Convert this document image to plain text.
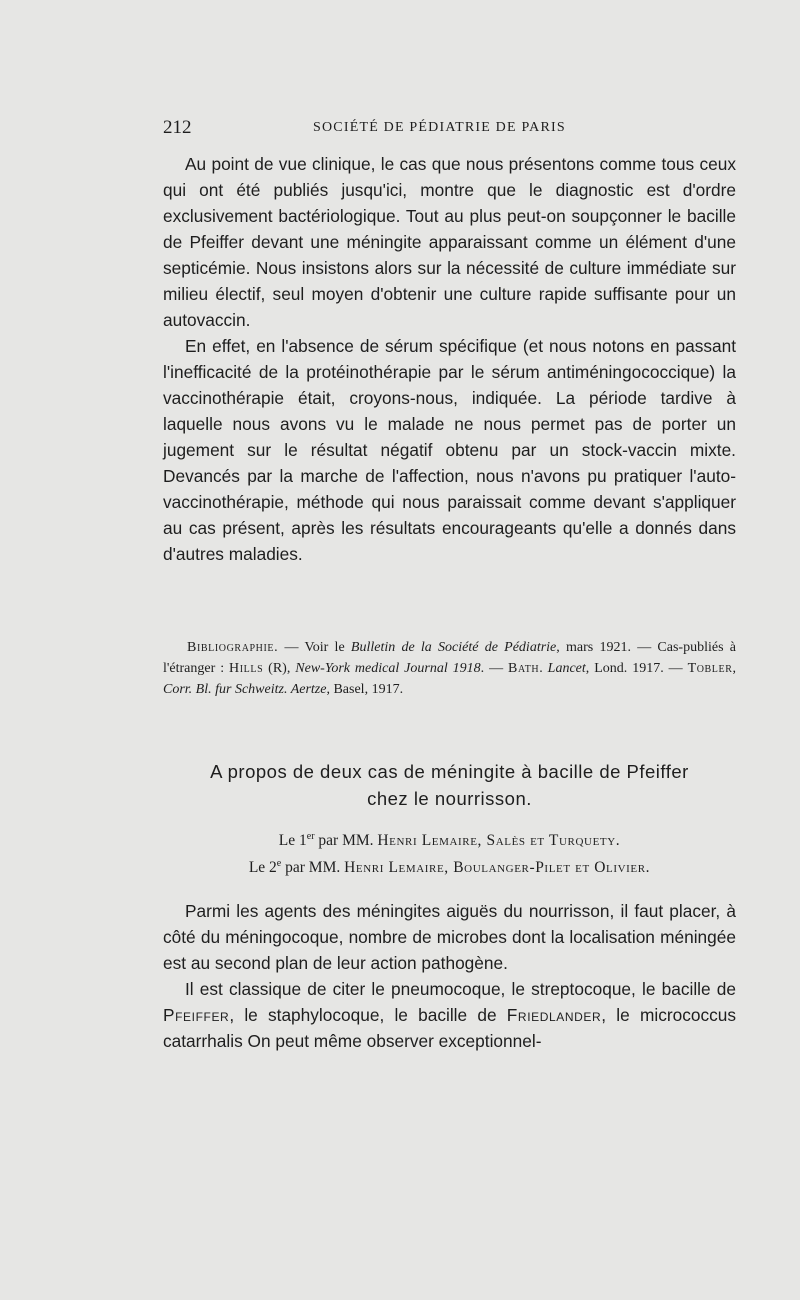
212	SOCIÉTÉ DE PÉDIATRIE DE PARIS

Au point de vue clinique, le cas que nous présentons comme tous ceux qui ont été publiés jusqu'ici, montre que le diagnostic est d'ordre exclusivement bactériologique. Tout au plus peut-on soupçonner le bacille de Pfeiffer devant une méningite apparaissant comme un élément d'une septicémie. Nous insistons alors sur la nécessité de culture immédiate sur milieu électif, seul moyen d'obtenir une culture rapide suffisante pour un autovaccin.

En effet, en l'absence de sérum spécifique (et nous notons en passant l'inefficacité de la protéinothérapie par le sérum antiméningococcique) la vaccinothérapie était, croyons-nous, indiquée. La période tardive à laquelle nous avons vu le malade ne nous permet pas de porter un jugement sur le résultat négatif obtenu par un stock-vaccin mixte. Devancés par la marche de l'affection, nous n'avons pu pratiquer l'auto-vaccinothérapie, méthode qui nous paraissait comme devant s'appliquer au cas présent, après les résultats encourageants qu'elle a donnés dans d'autres maladies.

Bibliographie. — Voir le Bulletin de la Société de Pédiatrie, mars 1921. — Cas-publiés à l'étranger : Hills (R), New-York medical Journal 1918. — Bath. Lancet, Lond. 1917. — Tobler, Corr. Bl. fur Schweitz. Aertze, Basel, 1917.

A propos de deux cas de méningite à bacille de Pfeiffer
chez le nourrisson.

Le 1er par MM. Henri Lemaire, Salès et Turquety.

Le 2e par MM. Henri Lemaire, Boulanger-Pilet et Olivier.

Parmi les agents des méningites aiguës du nourrisson, il faut placer, à côté du méningocoque, nombre de microbes dont la localisation méningée est au second plan de leur action pathogène.

Il est classique de citer le pneumocoque, le streptocoque, le bacille de Pfeiffer, le staphylocoque, le bacille de Friedlander, le micrococcus catarrhalis On peut même observer exceptionnel-
